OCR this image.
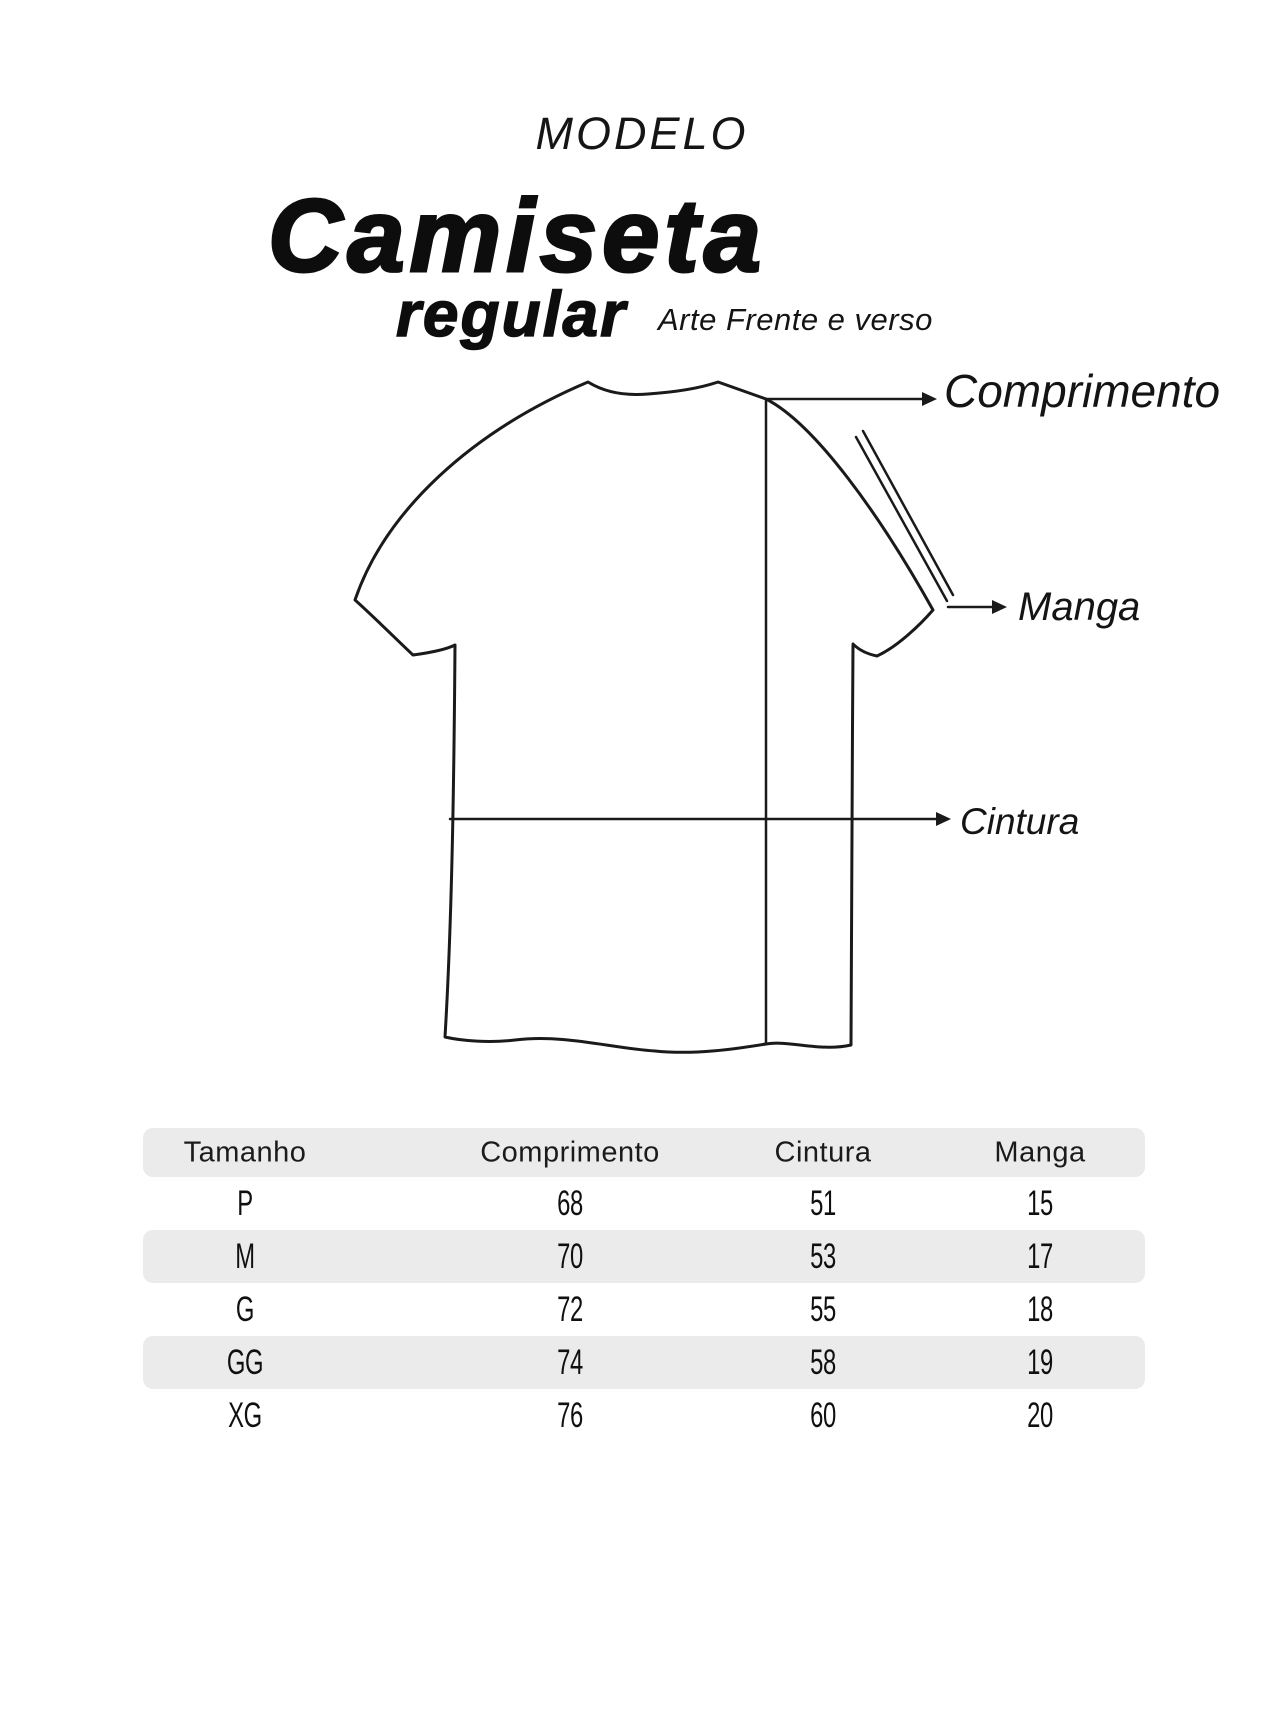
MODELO
Camiseta
regular Arte Frente e verso
Comprimento
Manga
Cintura
Tamanho	Comprimento	Cintura	Manga
P	68	51	15
M	70	53	17
G	72	55	18
GG	74	58	19
XG	76	60	20
